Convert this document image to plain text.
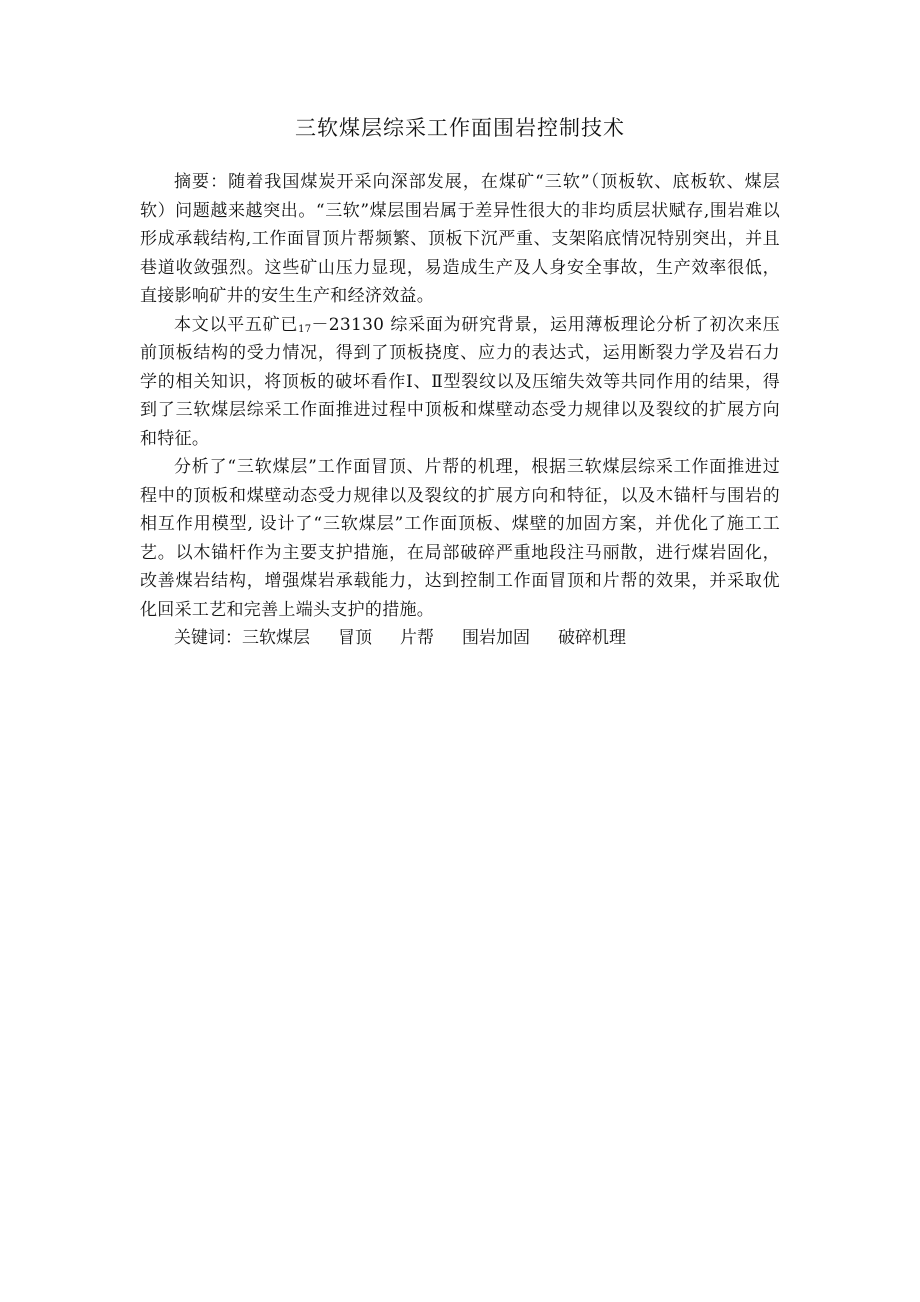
三软煤层综采工作面围岩控制技术

摘要：随着我国煤炭开采向深部发展，在煤矿“三软”（顶板软、底板软、煤层软）问题越来越突出。“三软”煤层围岩属于差异性很大的非均质层状赋存,围岩难以形成承载结构,工作面冒顶片帮频繁、顶板下沉严重、支架陷底情况特别突出，并且巷道收敛强烈。这些矿山压力显现，易造成生产及人身安全事故，生产效率很低，直接影响矿井的安生生产和经济效益。

本文以平五矿已$_{17}$－23130 综采面为研究背景，运用薄板理论分析了初次来压前顶板结构的受力情况，得到了顶板挠度、应力的表达式，运用断裂力学及岩石力学的相关知识，将顶板的破坏看作Ⅰ、Ⅱ型裂纹以及压缩失效等共同作用的结果，得到了三软煤层综采工作面推进过程中顶板和煤壁动态受力规律以及裂纹的扩展方向和特征。

分析了“三软煤层”工作面冒顶、片帮的机理，根据三软煤层综采工作面推进过程中的顶板和煤壁动态受力规律以及裂纹的扩展方向和特征，以及木锚杆与围岩的相互作用模型, 设计了“三软煤层”工作面顶板、煤壁的加固方案，并优化了施工工艺。以木锚杆作为主要支护措施，在局部破碎严重地段注马丽散，进行煤岩固化，改善煤岩结构，增强煤岩承载能力，达到控制工作面冒顶和片帮的效果，并采取优化回采工艺和完善上端头支护的措施。

关键词：三软煤层 冒顶 片帮 围岩加固 破碎机理
